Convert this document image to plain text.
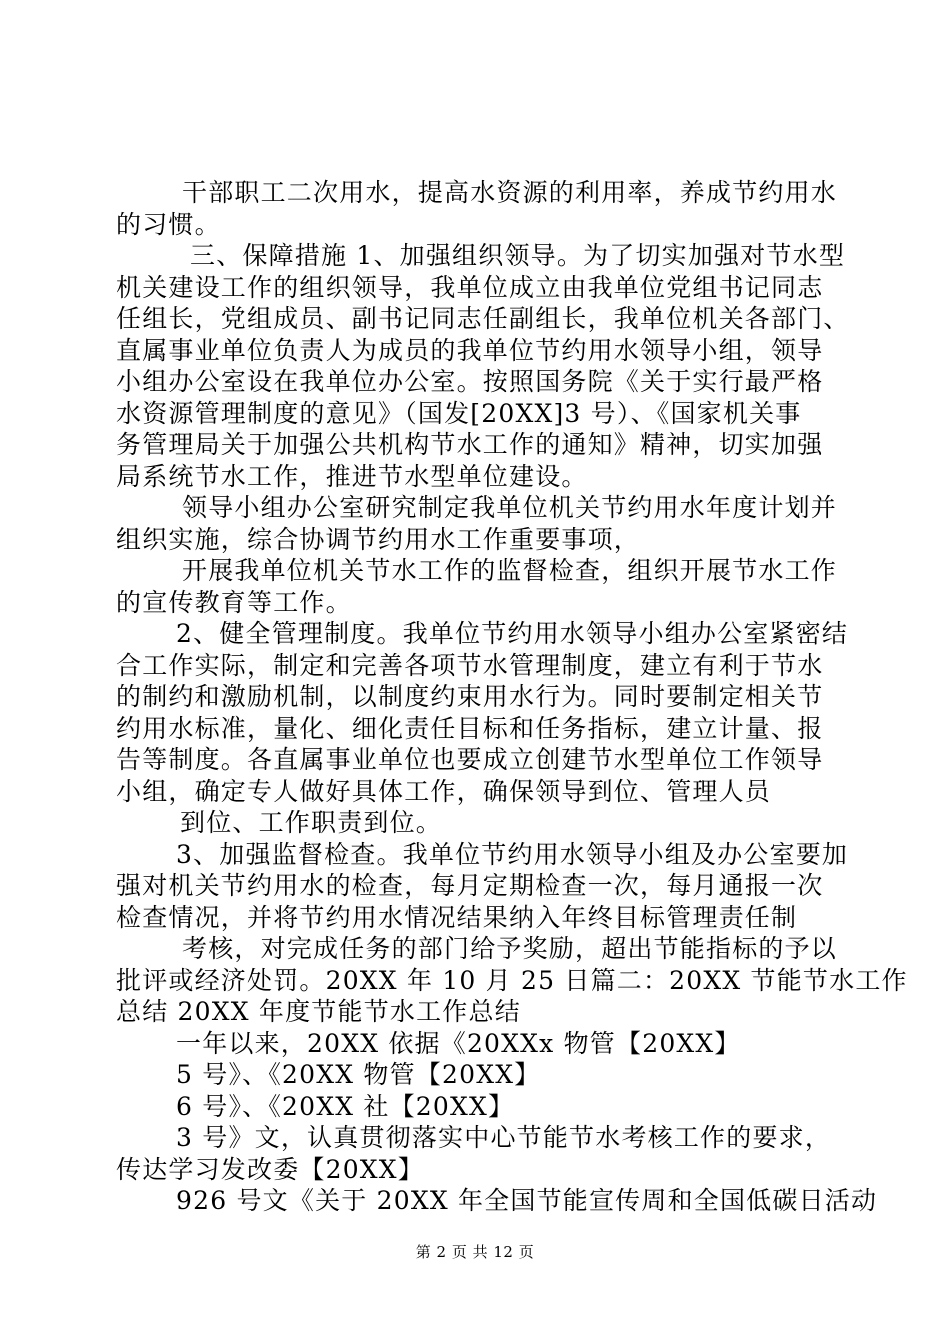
干部职工二次用水，提高水资源的利用率，养成节约用水
的习惯。
三、保障措施 1、加强组织领导。为了切实加强对节水型
机关建设工作的组织领导，我单位成立由我单位党组书记同志
任组长，党组成员、副书记同志任副组长，我单位机关各部门、
直属事业单位负责人为成员的我单位节约用水领导小组，领导
小组办公室设在我单位办公室。按照国务院《关于实行最严格
水资源管理制度的意见》（国发[20XX]3 号）、《国家机关事
务管理局关于加强公共机构节水工作的通知》精神，切实加强
局系统节水工作，推进节水型单位建设。
领导小组办公室研究制定我单位机关节约用水年度计划并
组织实施，综合协调节约用水工作重要事项，
开展我单位机关节水工作的监督检查，组织开展节水工作
的宣传教育等工作。
2、健全管理制度。我单位节约用水领导小组办公室紧密结
合工作实际，制定和完善各项节水管理制度，建立有利于节水
的制约和激励机制，以制度约束用水行为。同时要制定相关节
约用水标准，量化、细化责任目标和任务指标，建立计量、报
告等制度。各直属事业单位也要成立创建节水型单位工作领导
小组，确定专人做好具体工作，确保领导到位、管理人员
到位、工作职责到位。
3、加强监督检查。我单位节约用水领导小组及办公室要加
强对机关节约用水的检查，每月定期检查一次，每月通报一次
检查情况，并将节约用水情况结果纳入年终目标管理责任制
考核，对完成任务的部门给予奖励，超出节能指标的予以
批评或经济处罚。20XX 年 10 月 25 日篇二：20XX 节能节水工作
总结 20XX 年度节能节水工作总结
一年以来，20XX 依据《20XXx 物管【20XX】
5 号》、《20XX 物管【20XX】
6 号》、《20XX 社【20XX】
3 号》文，认真贯彻落实中心节能节水考核工作的要求，
传达学习发改委【20XX】
926 号文《关于 20XX 年全国节能宣传周和全国低碳日活动
第 2 页 共 12 页
